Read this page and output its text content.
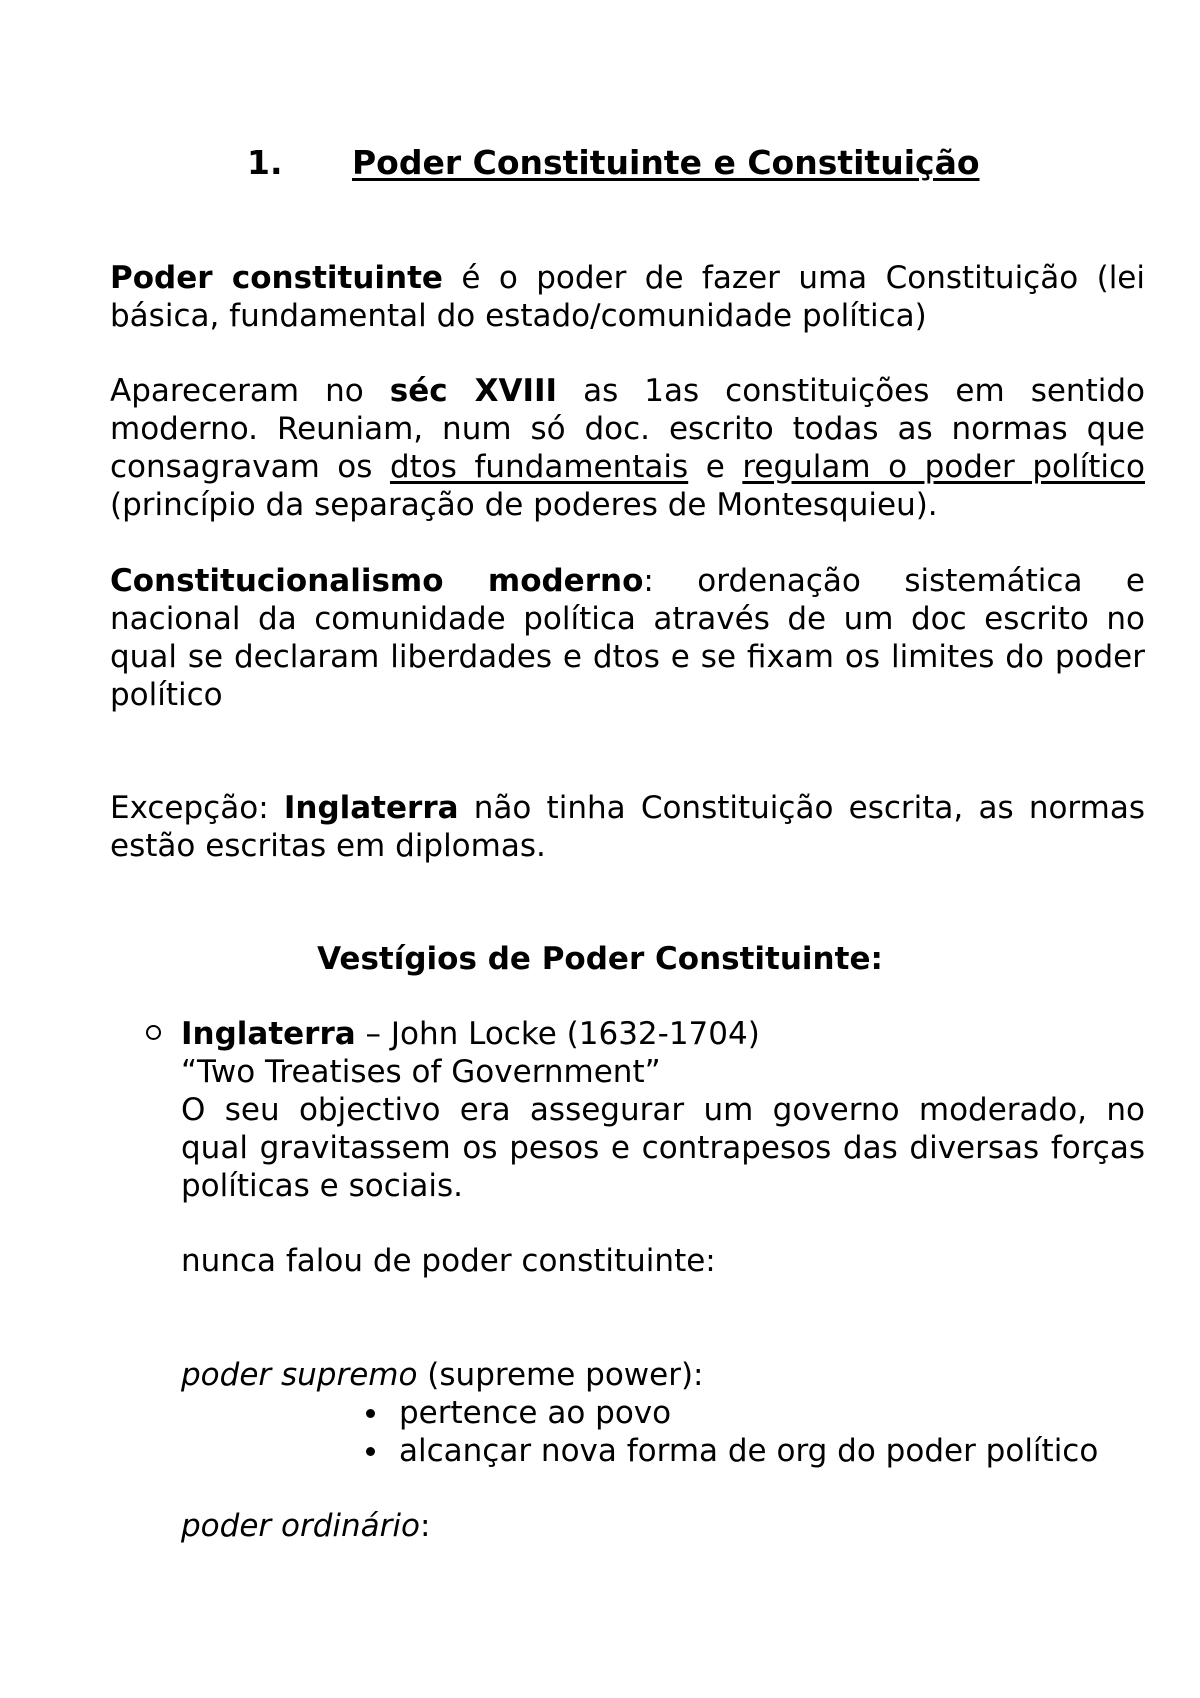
1. Poder Constituinte e Constituição

Poder constituinte é o poder de fazer uma Constituição (lei básica, fundamental do estado/comunidade política)

Apareceram no séc XVIII as 1as constituições em sentido moderno. Reuniam, num só doc. escrito todas as normas que consagravam os dtos fundamentais e regulam o poder político (princípio da separação de poderes de Montesquieu).

Constitucionalismo moderno: ordenação sistemática e nacional da comunidade política através de um doc escrito no qual se declaram liberdades e dtos e se fixam os limites do poder político

Excepção: Inglaterra não tinha Constituição escrita, as normas estão escritas em diplomas.

Vestígios de Poder Constituinte:

Inglaterra – John Locke (1632-1704)

“Two Treatises of Government”

O seu objectivo era assegurar um governo moderado, no qual gravitassem os pesos e contrapesos das diversas forças políticas e sociais.

nunca falou de poder constituinte:

poder supremo (supreme power):

pertence ao povo

alcançar nova forma de org do poder político

poder ordinário:
